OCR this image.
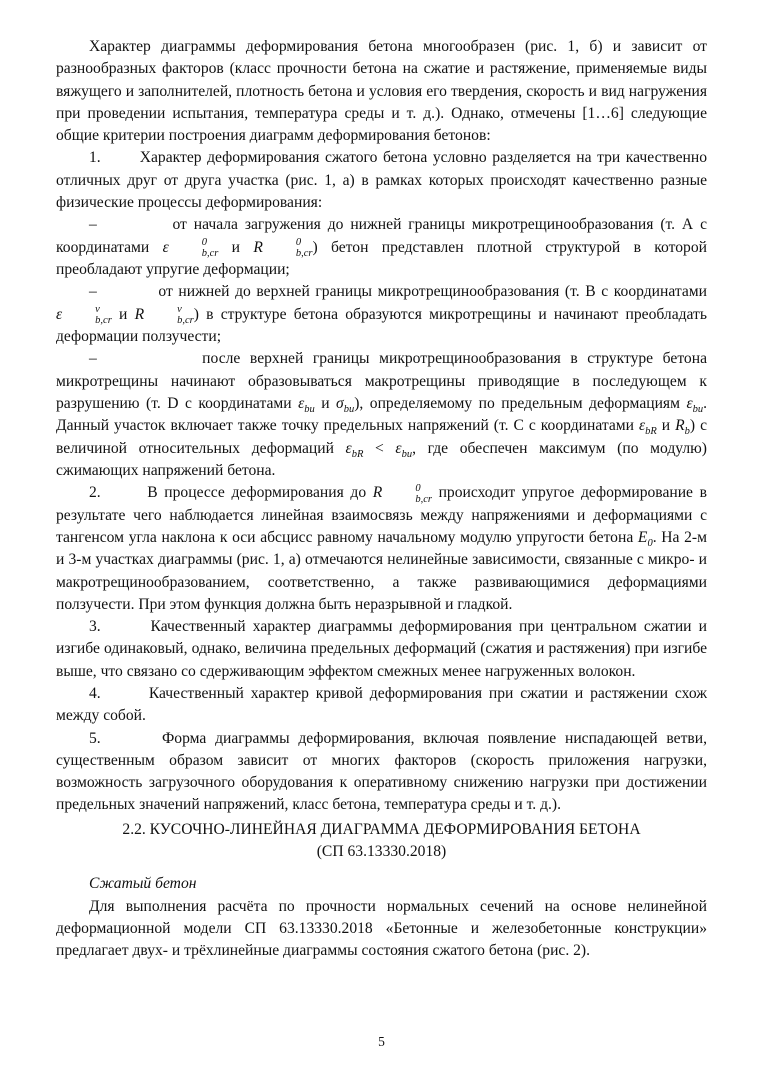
Характер диаграммы деформирования бетона многообразен (рис. 1, б) и зависит от разнообразных факторов (класс прочности бетона на сжатие и растяжение, применяемые виды вяжущего и заполнителей, плотность бетона и условия его твердения, скорость и вид нагружения при проведении испытания, температура среды и т. д.). Однако, отмечены [1…6] следующие общие критерии построения диаграмм деформирования бетонов:

1.       Характер деформирования сжатого бетона условно разделяется на три качественно отличных друг от друга участка (рис. 1, а) в рамках которых происходят качественно разные физические процессы деформирования:

–           от начала загружения до нижней границы микротрещинообразования (т. А с координатами ε	0
b,cr и R	0
b,cr ) бетон представлен плотной структурой в которой преобладают упругие деформации;

–           от нижней до верхней границы микротрещинообразования (т. В с координатами ε	v
b,cr и R	v
b,cr ) в структуре бетона образуются микротрещины и начинают преобладать деформации ползучести;

–           после верхней границы микротрещинообразования в структуре бетона микротрещины начинают образовываться макротрещины приводящие в последующем к разрушению (т. D с координатами $\varepsilon_{bu}$ и $\sigma_{bu}$), определяемому по предельным деформациям $\varepsilon_{bu}$. Данный участок включает также точку предельных напряжений (т. С с координатами $\varepsilon_{bR}$ и $R_b$) с величиной относительных деформаций $\varepsilon_{bR} < \varepsilon_{bu}$, где обеспечен максимум (по модулю) сжимающих напряжений бетона.

2.       В процессе деформирования до R	0
b,cr происходит упругое деформирование в результате чего наблюдается линейная взаимосвязь между напряжениями и деформациями с тангенсом угла наклона к оси абсцисс равному начальному модулю упругости бетона $E_0$. На 2-м и 3-м участках диаграммы (рис. 1, а) отмечаются нелинейные зависимости, связанные с микро- и макротрещинообразованием, соответственно, а также развивающимися деформациями ползучести. При этом функция должна быть неразрывной и гладкой.

3.       Качественный характер диаграммы деформирования при центральном сжатии и изгибе одинаковый, однако, величина предельных деформаций (сжатия и растяжения) при изгибе выше, что связано со сдерживающим эффектом смежных менее нагруженных волокон.

4.       Качественный характер кривой деформирования при сжатии и растяжении схож между собой.

5.       Форма диаграммы деформирования, включая появление ниспадающей ветви, существенным образом зависит от многих факторов (скорость приложения нагрузки, возможность загрузочного оборудования к оперативному снижению нагрузки при достижении предельных значений напряжений, класс бетона, температура среды и т. д.).

2.2. КУСОЧНО-ЛИНЕЙНАЯ ДИАГРАММА ДЕФОРМИРОВАНИЯ БЕТОНА
(СП 63.13330.2018)

Сжатый бетон

Для выполнения расчёта по прочности нормальных сечений на основе нелинейной деформационной модели СП 63.13330.2018 «Бетонные и железобетонные конструкции» предлагает двух- и трёхлинейные диаграммы состояния сжатого бетона (рис. 2).

5
